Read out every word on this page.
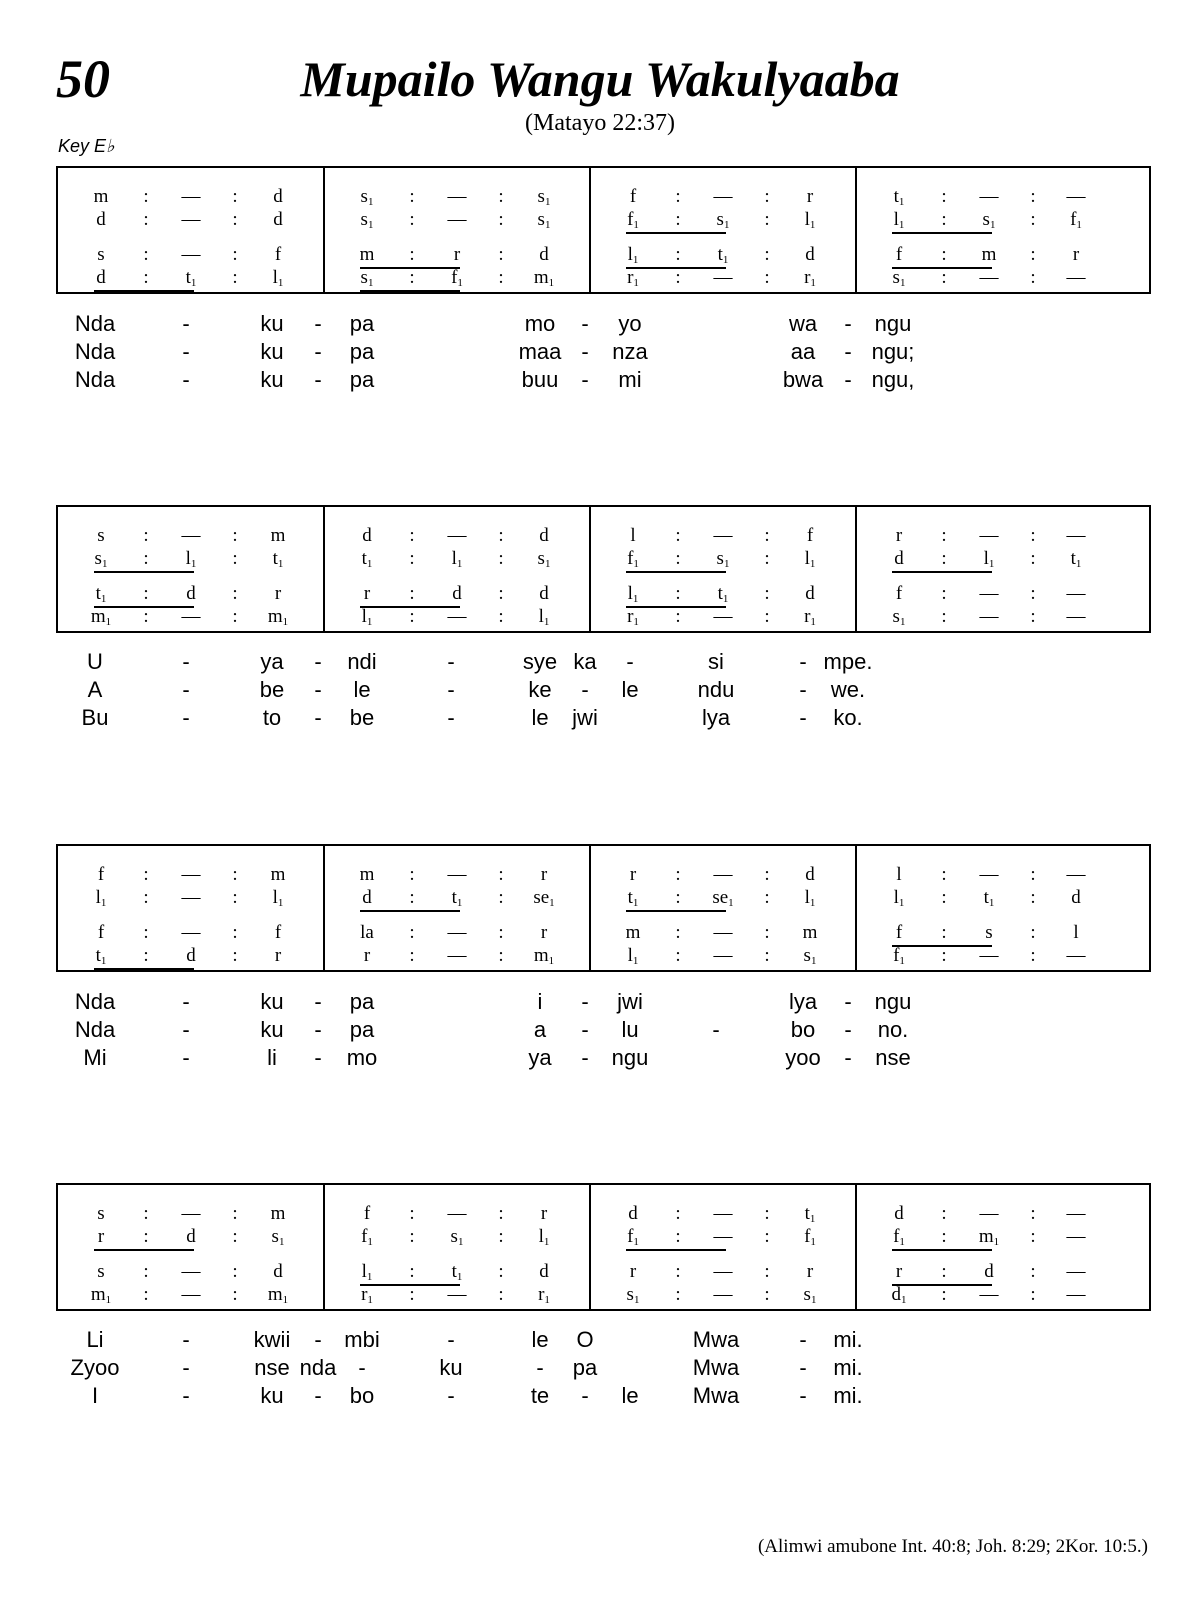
50	Mupailo Wangu Wakulyaaba
(Matayo 22:37)
Key E♭
m : — : d
d : — : d
s : — : f
d : $t_1$ : $l_1$
$s_1$ : — : $s_1$
$s_1$ : — : $s_1$
m : r : d
$s_1$ : $f_1$ : $m_1$
f : — : r
$f_1$ : $s_1$ : $l_1$
$l_1$ : $t_1$ : d
$r_1$ : — : $r_1$
$t_1$ : — : —
$l_1$ : $s_1$ : $f_1$
f : m : r
$s_1$ : — : —
Nda	-	ku - pa	mo - yo	wa - ngu
Nda	-	ku - pa	maa - nza	aa - ngu;
Nda	-	ku - pa	buu - mi	bwa - ngu,
s : — : m
$s_1$ : $l_1$ : $t_1$
$t_1$ : d : r
$m_1$ : — : $m_1$
d : — : d
$t_1$ : $l_1$ : $s_1$
r : d : d
$l_1$ : — : $l_1$
l : — : f
$f_1$ : $s_1$ : $l_1$
$l_1$ : $t_1$ : d
$r_1$ : — : $r_1$
r : — : —
d : $l_1$ : $t_1$
f : — : —
$s_1$ : — : —
U	-	ya - ndi	-	sye ka -	si	- mpe.
A	-	be - le	-	ke - le	ndu	- we.
Bu	-	to - be	-	le jwi	lya	- ko.
f : — : m
$l_1$ : — : $l_1$
f : — : f
$t_1$ : d : r
m : — : r
d : $t_1$ : $se_1$
la : — : r
r : — : $m_1$
r : — : d
$t_1$ : $se_1$ : $l_1$
m : — : m
$l_1$ : — : $s_1$
l : — : —
$l_1$ : $t_1$ : d
f : s : l
$f_1$ : — : —
Nda	-	ku - pa	i - jwi	lya - ngu
Nda	-	ku - pa	a - lu	-	bo - no.
Mi	-	li - mo	ya - ngu	yoo - nse
s : — : m
r : d : $s_1$
s : — : d
$m_1$ : — : $m_1$
f : — : r
$f_1$ : $s_1$ : $l_1$
$l_1$ : $t_1$ : d
$r_1$ : — : $r_1$
d : — : $t_1$
$f_1$ : — : $f_1$
r : — : r
$s_1$ : — : $s_1$
d : — : —
$f_1$ : $m_1$ : —
r : d : —
$d_1$ : — : —
Li	-	kwii - mbi	-	le O	Mwa	- mi.
Zyoo	-	nse nda -	ku	- pa	Mwa	- mi.
I	-	ku - bo	-	te - le Mwa	- mi.
(Alimwi amubone Int. 40:8; Joh. 8:29; 2Kor. 10:5.)
